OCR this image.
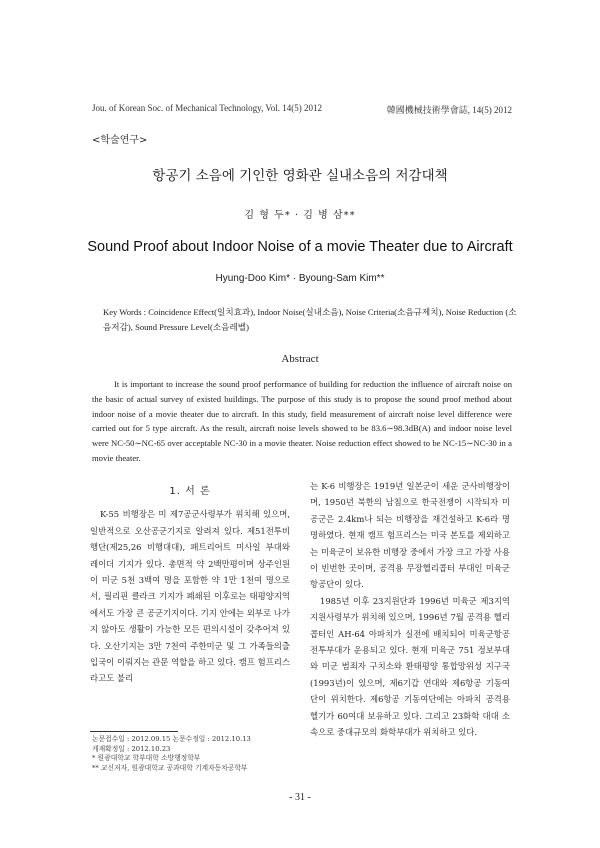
Jou. of Korean Soc. of Mechanical Technology, Vol. 14(5) 2012	韓國機械技術學會誌, 14(5) 2012
<학술연구>
항공기 소음에 기인한 영화관 실내소음의 저감대책
김 형 두* · 김 병 삼**
Sound Proof about Indoor Noise of a movie Theater due to Aircraft
Hyung-Doo Kim* · Byoung-Sam Kim**
Key Words : Coincidence Effect(일치효과), Indoor Noise(실내소음), Noise Criteria(소음규제치), Noise Reduction (소음저감), Sound Pressure Level(소음레벨)
Abstract
It is important to increase the sound proof performance of building for reduction the influence of aircraft noise on the basic of actual survey of existed buildings. The purpose of this study is to propose the sound proof method about indoor noise of a movie theater due to aircraft. In this study, field measurement of aircraft noise level difference were carried out for 5 type aircraft. As the result, aircraft noise levels showed to be 83.6∼98.3dB(A) and indoor noise level were NC-50∼NC-65 over acceptable NC-30 in a movie theater. Noise reduction effect showed to be NC-15∼NC-30 in a movie theater.
1. 서 론

K-55 비행장은 미 제7공군사령부가 위치해 있으며, 일반적으로 오산공군기지로 알려져 있다. 제51전투비행단(제25,26 비행대대), 패트리어트 미사일 부대와 레이더 기지가 있다. 총면적 약 2백만평이며 상주인원이 미군 5천 3백여 명을 포함한 약 1만 1천여 명으로서, 필리핀 클라크 기지가 폐쇄된 이후로는 태평양지역에서도 가장 큰 공군기지이다. 기지 안에는 외부로 나가지 않아도 생활이 가능한 모든 편의시설이 갖추어져 있다. 오산기지는 3만 7천여 주한미군 및 그 가족들의출입국이 이뤄지는 관문 역할을 하고 있다. 캠프 험프리스라고도 불리

는 K-6 비행장은 1919년 일본군이 세운 군사비행장이며, 1950년 북한의 남침으로 한국전쟁이 시작되자 미공군은 2.4km나 되는 비행장을 재건설하고 K-6라 명명하였다. 현재 캠프 험프리스는 미국 본토를 제외하고는 미육군이 보유한 비행장 중에서 가장 크고 가장 사용이 빈번한 곳이며, 공격용 무장헬리콥터 부대인 미육군 항공단이 있다.

1985년 이후 23지원단과 1996년 미육군 제3지역지원사령부가 위치해 있으며, 1996년 7월 공격용 헬리콥터인 AH-64 아파치가 실전에 배치되어 미육군항공전투부대가 운용되고 있다. 현재 미육군 751 정보부대와 미군 범죄자 구치소와 환태평양 통합망위성 지구국(1993년)이 있으며, 제6기갑 연대와 제6항공 기동여단이 위치한다. 제6항공 기동여단에는 아파치 공격용 헬기가 60여대 보유하고 있다. 그리고 23화학 대대 소속으로 중대규모의 화학부대가 위치하고 있다.

논문접수일 : 2012.09.15 논문수정일 : 2012.10.13
게재확정일 : 2012.10.23
* 원광대학교 학부대학 소방행정학부
** 교신저자, 원광대학교 공과대학 기계자동차공학부
- 31 -
